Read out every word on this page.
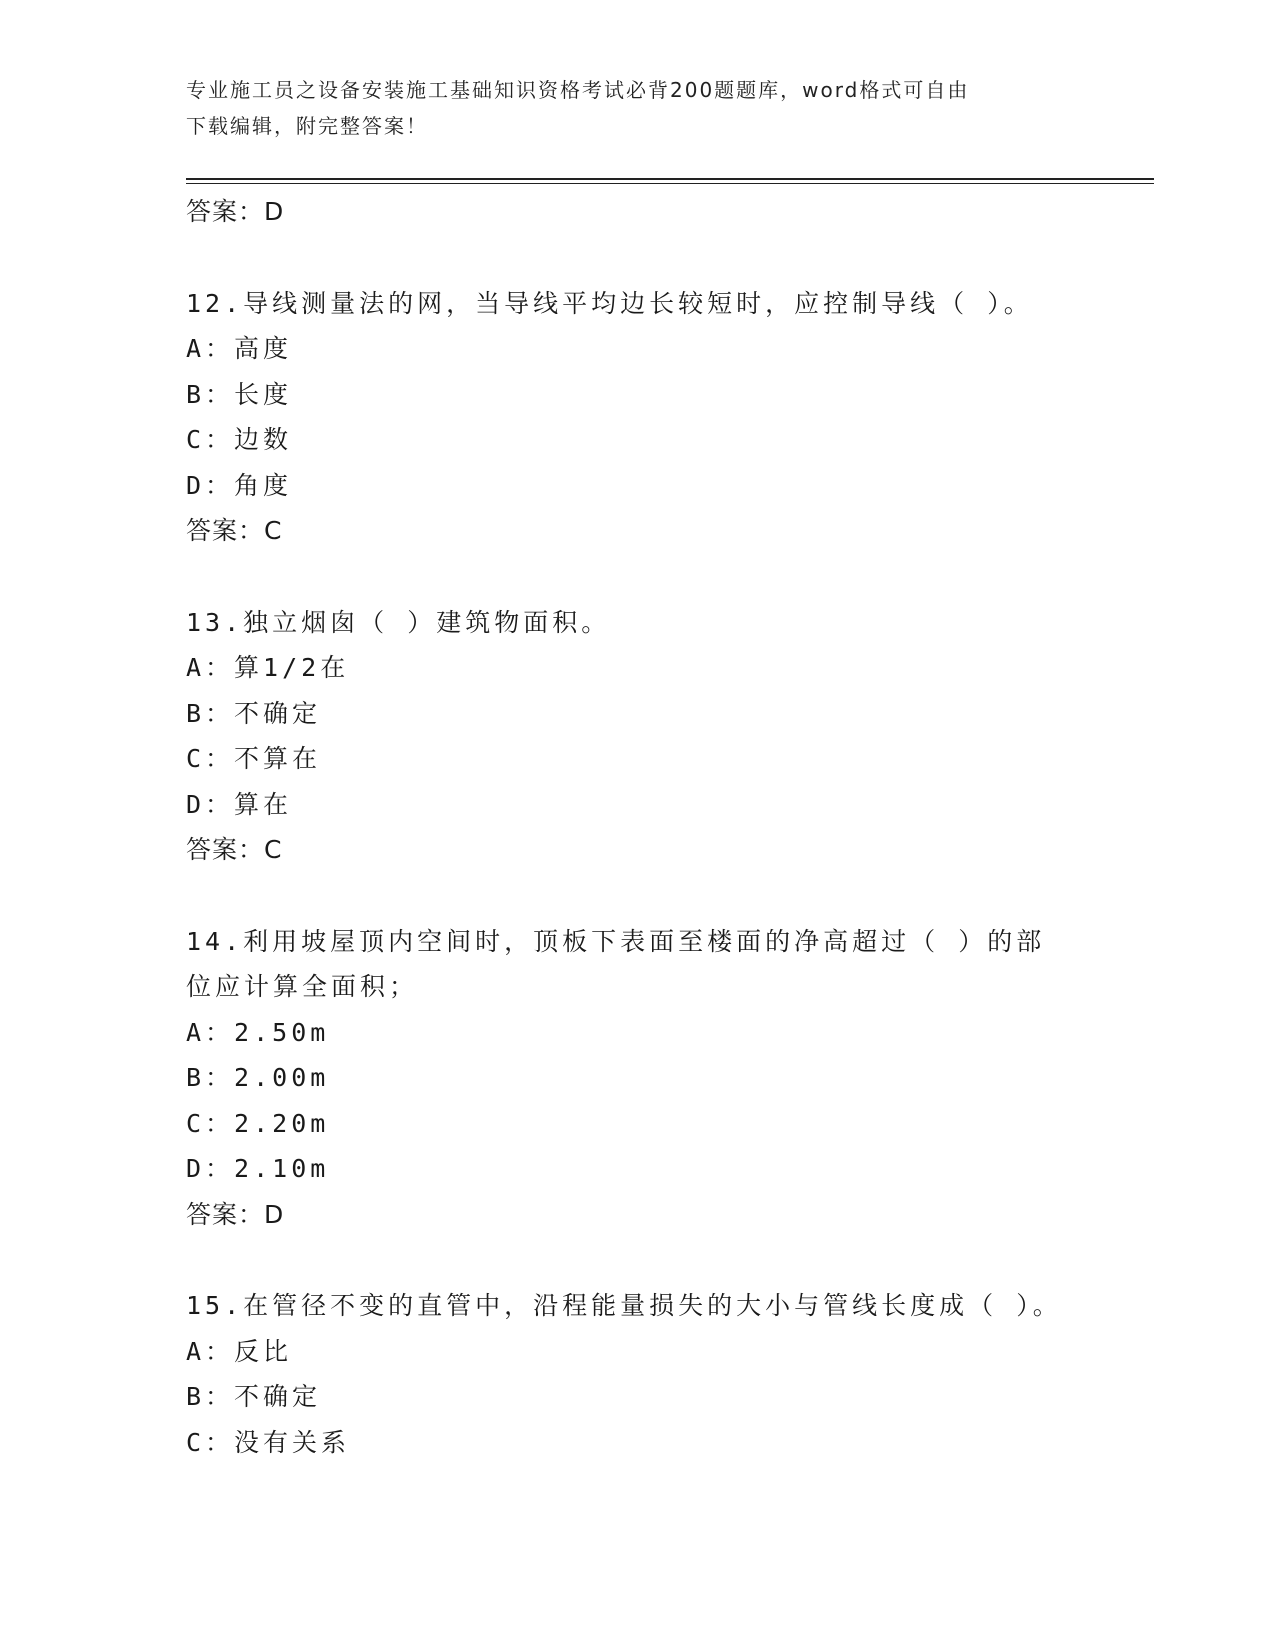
专业施工员之设备安装施工基础知识资格考试必背200题题库，word格式可自由
下载编辑，附完整答案！
答案：D
12.导线测量法的网，当导线平均边长较短时，应控制导线（ ）。
A：高度
B：长度
C：边数
D：角度
答案：C
13.独立烟囱（ ）建筑物面积。
A：算1/2在
B：不确定
C：不算在
D：算在
答案：C
14.利用坡屋顶内空间时，顶板下表面至楼面的净高超过（ ）的部位应计算全面积；
A：2.50m
B：2.00m
C：2.20m
D：2.10m
答案：D
15.在管径不变的直管中，沿程能量损失的大小与管线长度成（ ）。
A：反比
B：不确定
C：没有关系
